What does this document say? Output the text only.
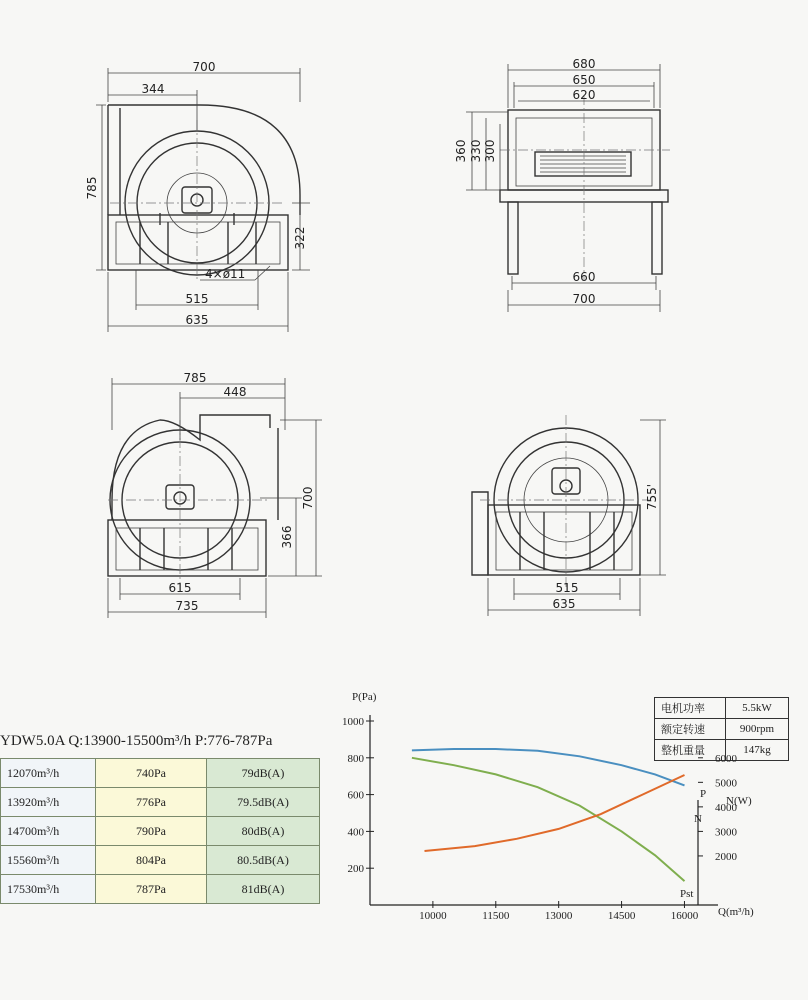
700
344
785
322
4×ø11
515
635
680
650
620
360 330 300
660
700
785
448
700
366
615
735
755'
515
635
YDW5.0A Q:13900-15500m³/h P:776-787Pa
12070m³/h	740Pa	79dB(A)
13920m³/h	776Pa	79.5dB(A)
14700m³/h	790Pa	80dB(A)
15560m³/h	804Pa	80.5dB(A)
17530m³/h	787Pa	81dB(A)
电机功率	5.5kW
额定转速	900rpm
整机重量	147kg
P(Pa)
Q(m³/h)
N(W)
P
N
Pst
200
400
600
800
1000
10000	11500	13000	14500	16000
2000
3000
4000
5000
6000
